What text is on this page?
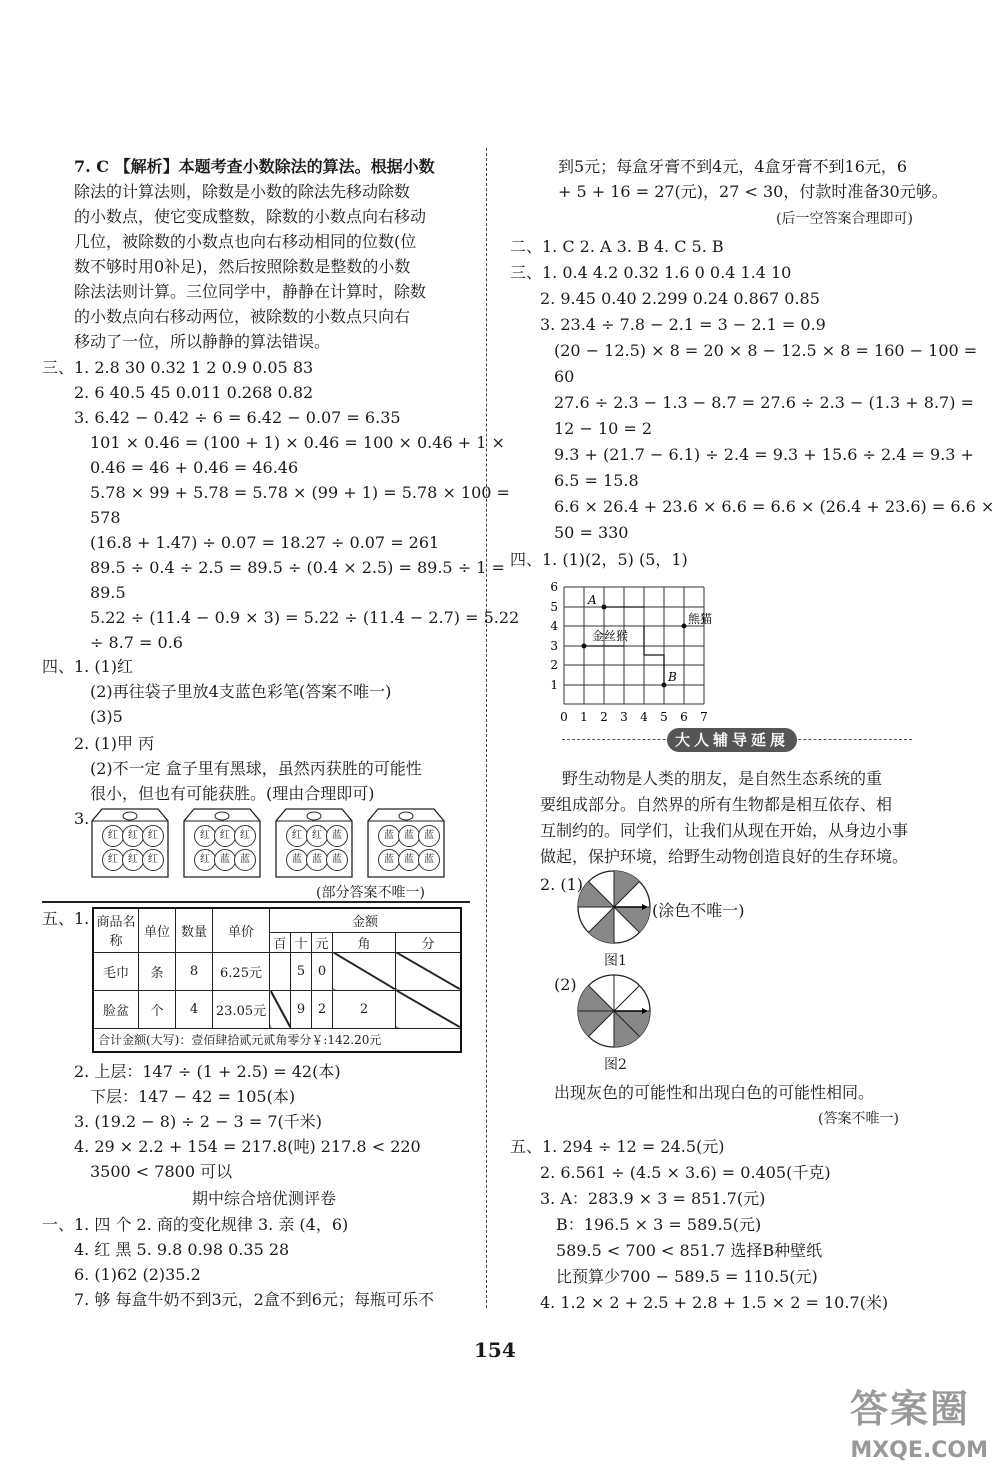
7. C 【解析】本题考查小数除法的算法。根据小数
除法的计算法则，除数是小数的除法先移动除数
的小数点，使它变成整数，除数的小数点向右移动
几位，被除数的小数点也向右移动相同的位数(位
数不够时用0补足)，然后按照除数是整数的小数
除法法则计算。三位同学中，静静在计算时，除数
的小数点向右移动两位，被除数的小数点只向右
移动了一位，所以静静的算法错误。
三、1. 2.8 30 0.32 1 2 0.9 0.05 83
2. 6 40.5 45 0.011 0.268 0.82
3. 6.42 − 0.42 ÷ 6 = 6.42 − 0.07 = 6.35
101 × 0.46 = (100 + 1) × 0.46 = 100 × 0.46 + 1 ×
0.46 = 46 + 0.46 = 46.46
5.78 × 99 + 5.78 = 5.78 × (99 + 1) = 5.78 × 100 =
578
(16.8 + 1.47) ÷ 0.07 = 18.27 ÷ 0.07 = 261
89.5 ÷ 0.4 ÷ 2.5 = 89.5 ÷ (0.4 × 2.5) = 89.5 ÷ 1 =
89.5
5.22 ÷ (11.4 − 0.9 × 3) = 5.22 ÷ (11.4 − 2.7) = 5.22
÷ 8.7 = 0.6
四、1. (1)红
(2)再往袋子里放4支蓝色彩笔(答案不唯一)
(3)5
2. (1)甲 丙
(2)不一定 盒子里有黑球，虽然丙获胜的可能性
很小，但也有可能获胜。(理由合理即可)
3.
红	红	红
红	红	红
红	红	红
红	蓝	蓝
红	红	蓝
蓝	蓝	蓝
蓝	蓝	蓝
蓝	蓝	蓝
(部分答案不唯一)
五、1. 商品名称	单位	数量	单价	金额				
				百	十	元	角	分
毛巾	条	8	6.25元		5	0		
脸盆	个	4	23.05元		9	2	2	
合计金额(大写)：壹佰肆拾贰元贰角零分￥:142.20元								
2. 上层：147 ÷ (1 + 2.5) = 42(本)
下层：147 − 42 = 105(本)
3. (19.2 − 8) ÷ 2 − 3 = 7(千米)
4. 29 × 2.2 + 154 = 217.8(吨) 217.8 < 220
3500 < 7800 可以
期中综合培优测评卷
一、1. 四 个 2. 商的变化规律 3. 亲 (4，6)
4. 红 黑 5. 9.8 0.98 0.35 28
6. (1)62 (2)35.2
7. 够 每盒牛奶不到3元，2盒不到6元；每瓶可乐不
到5元；每盒牙膏不到4元，4盒牙膏不到16元，6
+ 5 + 16 = 27(元)，27 < 30，付款时准备30元够。
(后一空答案合理即可)
二、1. C 2. A 3. B 4. C 5. B
三、1. 0.4 4.2 0.32 1.6 0 0.4 1.4 10
2. 9.45 0.40 2.299 0.24 0.867 0.85
3. 23.4 ÷ 7.8 − 2.1 = 3 − 2.1 = 0.9
(20 − 12.5) × 8 = 20 × 8 − 12.5 × 8 = 160 − 100 =
60
27.6 ÷ 2.3 − 1.3 − 8.7 = 27.6 ÷ 2.3 − (1.3 + 8.7) =
12 − 10 = 2
9.3 + (21.7 − 6.1) ÷ 2.4 = 9.3 + 15.6 ÷ 2.4 = 9.3 +
6.5 = 15.8
6.6 × 26.4 + 23.6 × 6.6 = 6.6 × (26.4 + 23.6) = 6.6 ×
50 = 330
四、1. (1)(2，5) (5，1)
A
B
熊猫
金丝猴
1
2
3
4
5
6
0 1 2 3 4 5 6 7
大人辅导延展
野生动物是人类的朋友，是自然生态系统的重
要组成部分。自然界的所有生物都是相互依存、相
互制约的。同学们，让我们从现在开始，从身边小事
做起，保护环境，给野生动物创造良好的生存环境。
2. (1)
(涂色不唯一)
图1
(2)
图2
出现灰色的可能性和出现白色的可能性相同。
(答案不唯一)
五、1. 294 ÷ 12 = 24.5(元)
2. 6.561 ÷ (4.5 × 3.6) = 0.405(千克)
3. A：283.9 × 3 = 851.7(元)
B：196.5 × 3 = 589.5(元)
589.5 < 700 < 851.7 选择B种壁纸
比预算少700 − 589.5 = 110.5(元)
4. 1.2 × 2 + 2.5 + 2.8 + 1.5 × 2 = 10.7(米)
154
答案圈
MXQE.COM
